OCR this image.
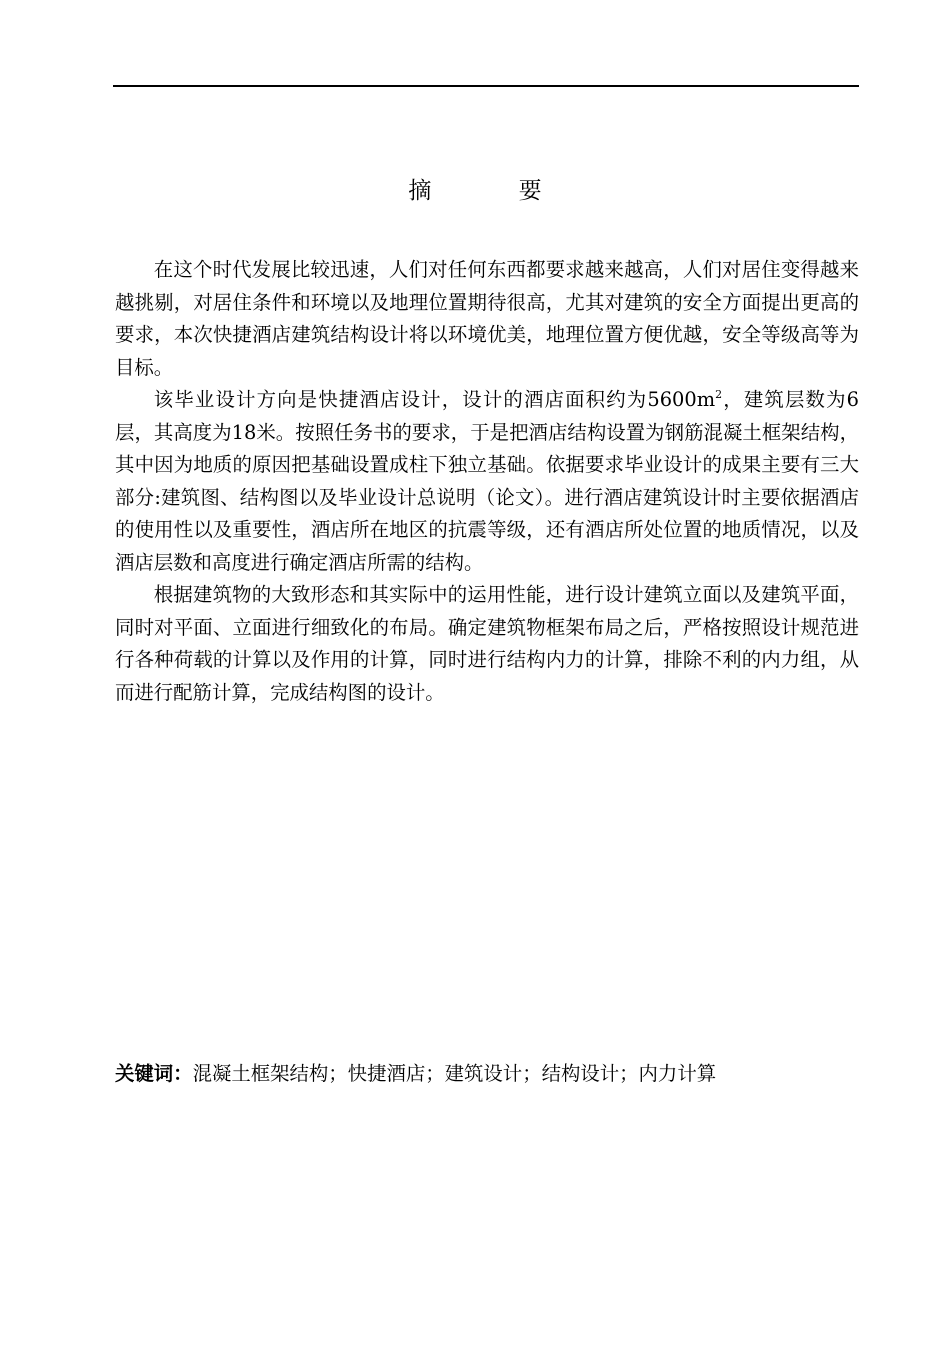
摘 要

在这个时代发展比较迅速，人们对任何东西都要求越来越高，人们对居住变得越来越挑剔，对居住条件和环境以及地理位置期待很高，尤其对建筑的安全方面提出更高的要求，本次快捷酒店建筑结构设计将以环境优美，地理位置方便优越，安全等级高等为目标。

该毕业设计方向是快捷酒店设计，设计的酒店面积约为$5600m^2$，建筑层数为6层，其高度为18米。按照任务书的要求，于是把酒店结构设置为钢筋混凝土框架结构，其中因为地质的原因把基础设置成柱下独立基础。依据要求毕业设计的成果主要有三大部分:建筑图、结构图以及毕业设计总说明（论文）。进行酒店建筑设计时主要依据酒店的使用性以及重要性，酒店所在地区的抗震等级，还有酒店所处位置的地质情况，以及酒店层数和高度进行确定酒店所需的结构。

根据建筑物的大致形态和其实际中的运用性能，进行设计建筑立面以及建筑平面，同时对平面、立面进行细致化的布局。确定建筑物框架布局之后，严格按照设计规范进行各种荷载的计算以及作用的计算，同时进行结构内力的计算，排除不利的内力组，从而进行配筋计算，完成结构图的设计。

关键词：混凝土框架结构；快捷酒店；建筑设计；结构设计；内力计算
